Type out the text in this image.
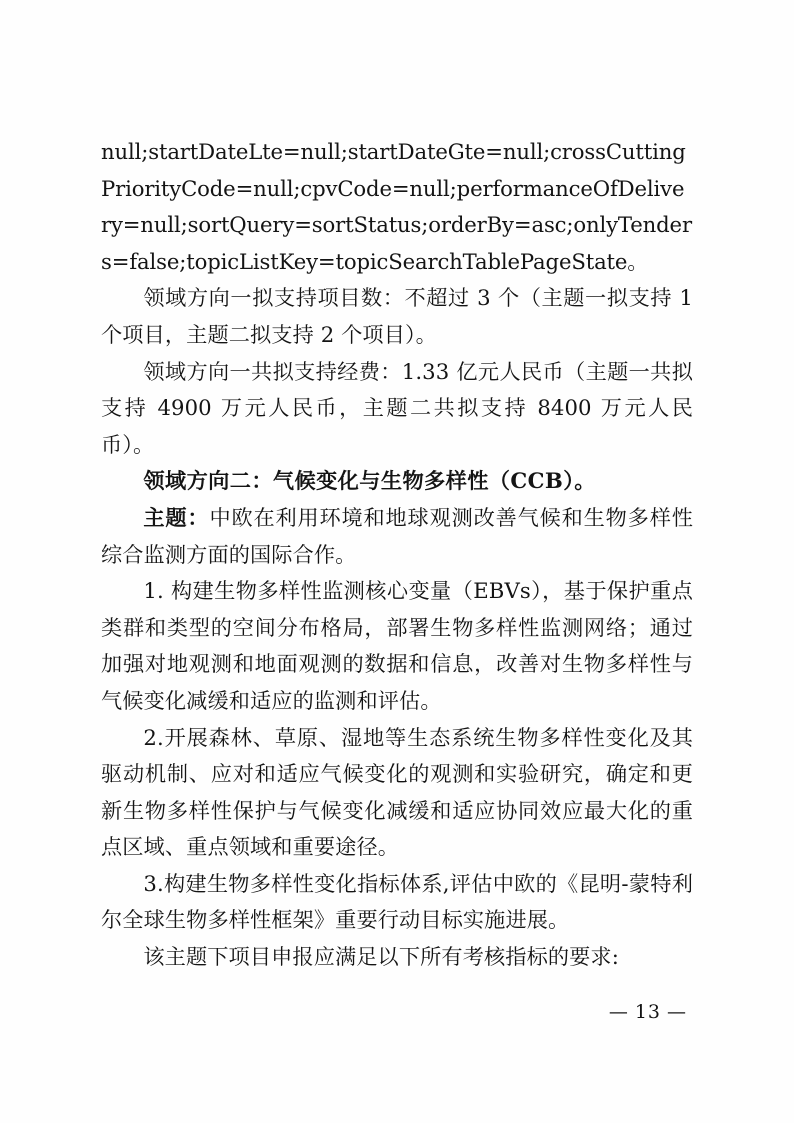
null;startDateLte=null;startDateGte=null;crossCuttingPriorityCode=null;cpvCode=null;performanceOfDelivery=null;sortQuery=sortStatus;orderBy=asc;onlyTenders=false;topicListKey=topicSearchTablePageState。

领域方向一拟支持项目数：不超过 3 个（主题一拟支持 1 个项目，主题二拟支持 2 个项目）。

领域方向一共拟支持经费：1.33 亿元人民币（主题一共拟支持 4900 万元人民币，主题二共拟支持 8400 万元人民币）。

领域方向二：气候变化与生物多样性（CCB）。

主题：中欧在利用环境和地球观测改善气候和生物多样性综合监测方面的国际合作。

1. 构建生物多样性监测核心变量（EBVs），基于保护重点类群和类型的空间分布格局，部署生物多样性监测网络；通过加强对地观测和地面观测的数据和信息，改善对生物多样性与气候变化减缓和适应的监测和评估。

2.开展森林、草原、湿地等生态系统生物多样性变化及其驱动机制、应对和适应气候变化的观测和实验研究，确定和更新生物多样性保护与气候变化减缓和适应协同效应最大化的重点区域、重点领域和重要途径。

3.构建生物多样性变化指标体系,评估中欧的《昆明-蒙特利尔全球生物多样性框架》重要行动目标实施进展。

该主题下项目申报应满足以下所有考核指标的要求:

— 13 —
